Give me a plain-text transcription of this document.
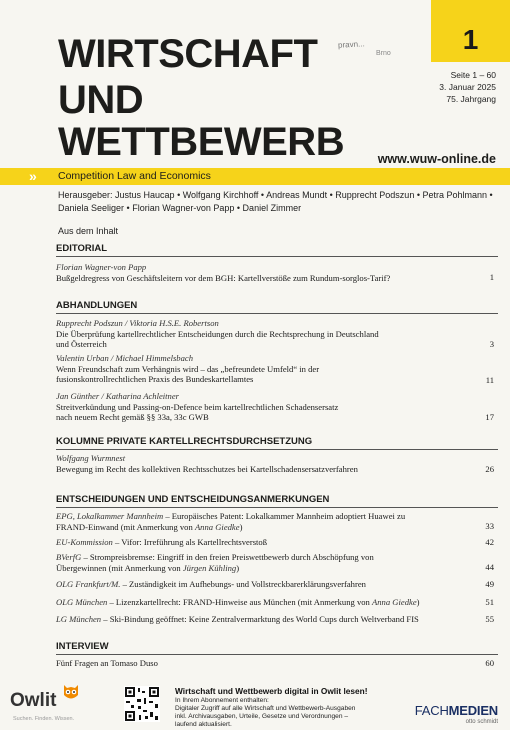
WIRTSCHAFT
UND
WETTBEWERB
pravn...
Brno	1
Seite 1 – 60
3. Januar 2025
75. Jahrgang
www.wuw-online.de
» Competition Law and Economics
Herausgeber: Justus Haucap • Wolfgang Kirchhoff • Andreas Mundt • Rupprecht Podszun • Petra Pohlmann •
Daniela Seeliger • Florian Wagner-von Papp • Daniel Zimmer
Aus dem Inhalt
EDITORIAL
Florian Wagner-von Papp
Bußgeldregress von Geschäftsleitern vor dem BGH: Kartellverstöße zum Rundum-sorglos-Tarif?	1
ABHANDLUNGEN
Rupprecht Podszun / Viktoria H.S.E. Robertson
Die Überprüfung kartellrechtlicher Entscheidungen durch die Rechtsprechung in Deutschland
und Österreich	3
Valentin Urban / Michael Himmelsbach
Wenn Freundschaft zum Verhängnis wird – das „befreundete Umfeld“ in der
fusionskontrollrechtlichen Praxis des Bundeskartellamtes	11
Jan Günther / Katharina Achleitner
Streitverkündung und Passing-on-Defence beim kartellrechtlichen Schadensersatz
nach neuem Recht gemäß §§ 33a, 33c GWB	17
KOLUMNE PRIVATE KARTELLRECHTSDURCHSETZUNG
Wolfgang Wurmnest
Bewegung im Recht des kollektiven Rechtsschutzes bei Kartellschadensersatzverfahren	26
ENTSCHEIDUNGEN UND ENTSCHEIDUNGSANMERKUNGEN
EPG, Lokalkammer Mannheim – Europäisches Patent: Lokalkammer Mannheim adoptiert Huawei zu
FRAND-Einwand (mit Anmerkung von Anna Giedke)	33
EU-Kommission – Vifor: Irreführung als Kartellrechtsverstoß	42
BVerfG – Strompreisbremse: Eingriff in den freien Preiswettbewerb durch Abschöpfung von
Übergewinnen (mit Anmerkung von Jürgen Kühling)	44
OLG Frankfurt/M. – Zuständigkeit im Aufhebungs- und Vollstreckbarerklärungsverfahren	49
OLG München – Lizenzkartellrecht: FRAND-Hinweise aus München (mit Anmerkung von Anna Giedke)	51
LG München – Ski-Bindung geöffnet: Keine Zentralvermarktung des World Cups durch Weltverband FIS	55
INTERVIEW
Fünf Fragen an Tomaso Duso	60
Owlit
Suchen. Finden. Wissen.
Wirtschaft und Wettbewerb digital in Owlit lesen!
In Ihrem Abonnement enthalten:
Digitaler Zugriff auf alle Wirtschaft und Wettbewerb-Ausgaben
inkl. Archivausgaben, Urteile, Gesetze und Verordnungen –
laufend aktualisiert.
FACHMEDIEN
otto schmidt
